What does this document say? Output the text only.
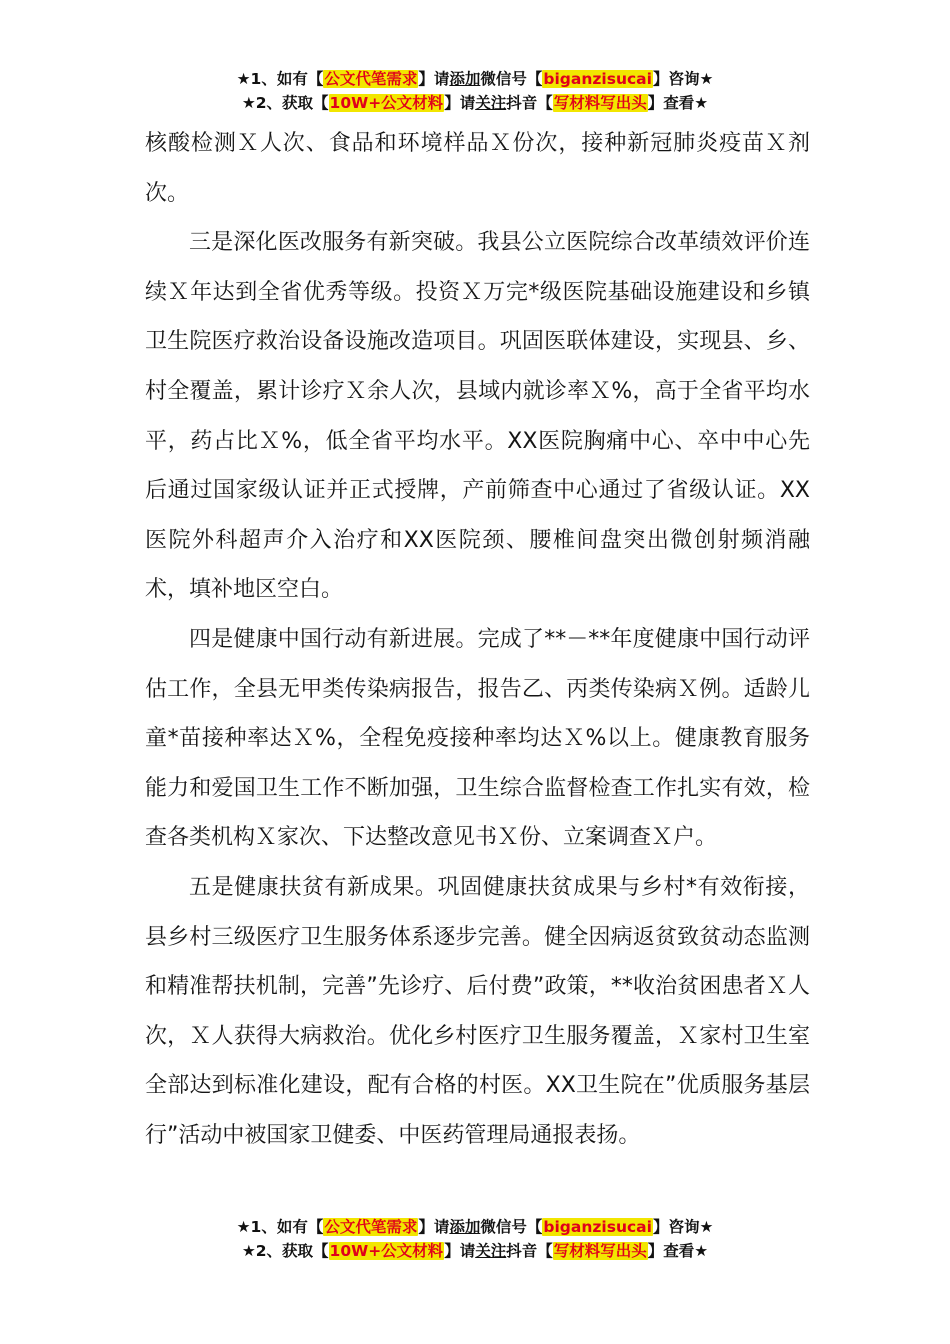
★1、如有【公文代笔需求】请添加微信号【biganzisucai】咨询★
★2、获取【10W+公文材料】请关注抖音【写材料写出头】查看★

核酸检测Ｘ人次、食品和环境样品Ｘ份次，接种新冠肺炎疫苗Ｘ剂次。

三是深化医改服务有新突破。我县公立医院综合改革绩效评价连续Ｘ年达到全省优秀等级。投资Ｘ万完*级医院基础设施建设和乡镇卫生院医疗救治设备设施改造项目。巩固医联体建设，实现县、乡、村全覆盖，累计诊疗Ｘ余人次，县域内就诊率Ｘ%，高于全省平均水平，药占比Ｘ%，低全省平均水平。XX医院胸痛中心、卒中中心先后通过国家级认证并正式授牌，产前筛查中心通过了省级认证。XX医院外科超声介入治疗和XX医院颈、腰椎间盘突出微创射频消融术，填补地区空白。

四是健康中国行动有新进展。完成了**－**年度健康中国行动评估工作，全县无甲类传染病报告，报告乙、丙类传染病Ｘ例。适龄儿童*苗接种率达Ｘ%，全程免疫接种率均达Ｘ%以上。健康教育服务能力和爱国卫生工作不断加强，卫生综合监督检查工作扎实有效，检查各类机构Ｘ家次、下达整改意见书Ｘ份、立案调查Ｘ户。

五是健康扶贫有新成果。巩固健康扶贫成果与乡村*有效衔接，县乡村三级医疗卫生服务体系逐步完善。健全因病返贫致贫动态监测和精准帮扶机制，完善”先诊疗、后付费”政策，**收治贫困患者Ｘ人次，Ｘ人获得大病救治。优化乡村医疗卫生服务覆盖，Ｘ家村卫生室全部达到标准化建设，配有合格的村医。XX卫生院在”优质服务基层行”活动中被国家卫健委、中医药管理局通报表扬。

★1、如有【公文代笔需求】请添加微信号【biganzisucai】咨询★
★2、获取【10W+公文材料】请关注抖音【写材料写出头】查看★
